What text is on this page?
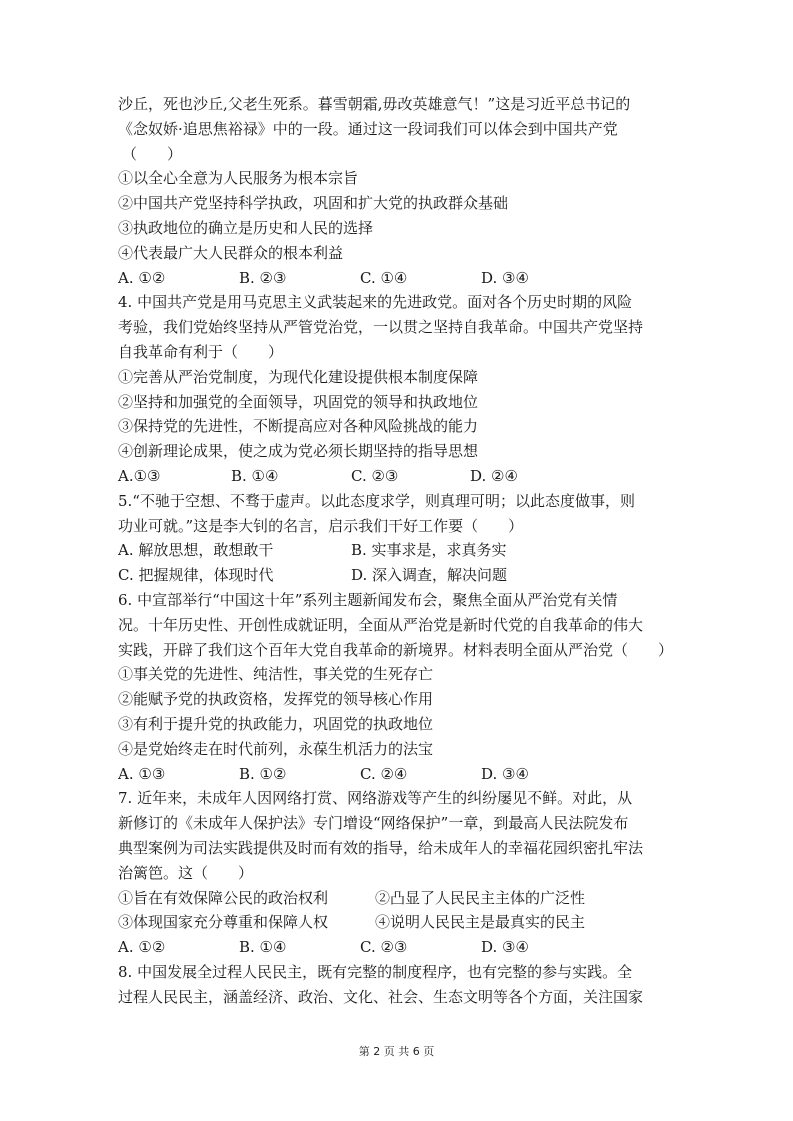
沙丘，死也沙丘,父老生死系。暮雪朝霜,毋改英雄意气！”这是习近平总书记的
《念奴娇·追思焦裕禄》中的一段。通过这一段词我们可以体会到中国共产党
（　　）
①以全心全意为人民服务为根本宗旨
②中国共产党坚持科学执政，巩固和扩大党的执政群众基础
③执政地位的确立是历史和人民的选择
④代表最广大人民群众的根本利益
A. ①②	B. ②③	C. ①④	D. ③④
4. 中国共产党是用马克思主义武装起来的先进政党。面对各个历史时期的风险
考验，我们党始终坚持从严管党治党，一以贯之坚持自我革命。中国共产党坚持
自我革命有利于（　　）
①完善从严治党制度，为现代化建设提供根本制度保障
②坚持和加强党的全面领导，巩固党的领导和执政地位
③保持党的先进性，不断提高应对各种风险挑战的能力
④创新理论成果，使之成为党必须长期坚持的指导思想
A.①③	B. ①④	C. ②③	D. ②④
5.“不驰于空想、不骛于虚声。以此态度求学，则真理可明；以此态度做事，则
功业可就。”这是李大钊的名言，启示我们干好工作要（　　）
A. 解放思想，敢想敢干	B. 实事求是，求真务实
C. 把握规律，体现时代	D. 深入调查，解决问题
6. 中宣部举行“中国这十年”系列主题新闻发布会，聚焦全面从严治党有关情
况。十年历史性、开创性成就证明，全面从严治党是新时代党的自我革命的伟大
实践，开辟了我们这个百年大党自我革命的新境界。材料表明全面从严治党（　　）
①事关党的先进性、纯洁性，事关党的生死存亡
②能赋予党的执政资格，发挥党的领导核心作用
③有利于提升党的执政能力，巩固党的执政地位
④是党始终走在时代前列，永葆生机活力的法宝
A. ①③	B. ①②	C. ②④	D. ③④
7. 近年来，未成年人因网络打赏、网络游戏等产生的纠纷屡见不鲜。对此，从
新修订的《未成年人保护法》专门增设“网络保护”一章，到最高人民法院发布
典型案例为司法实践提供及时而有效的指导，给未成年人的幸福花园织密扎牢法
治篱笆。这（　　）
①旨在有效保障公民的政治权利	②凸显了人民民主主体的广泛性
③体现国家充分尊重和保障人权	④说明人民民主是最真实的民主
A. ①②	B. ①④	C. ②③	D. ③④
8. 中国发展全过程人民民主，既有完整的制度程序，也有完整的参与实践。全
过程人民民主，涵盖经济、政治、文化、社会、生态文明等各个方面，关注国家
第 2 页 共 6 页
